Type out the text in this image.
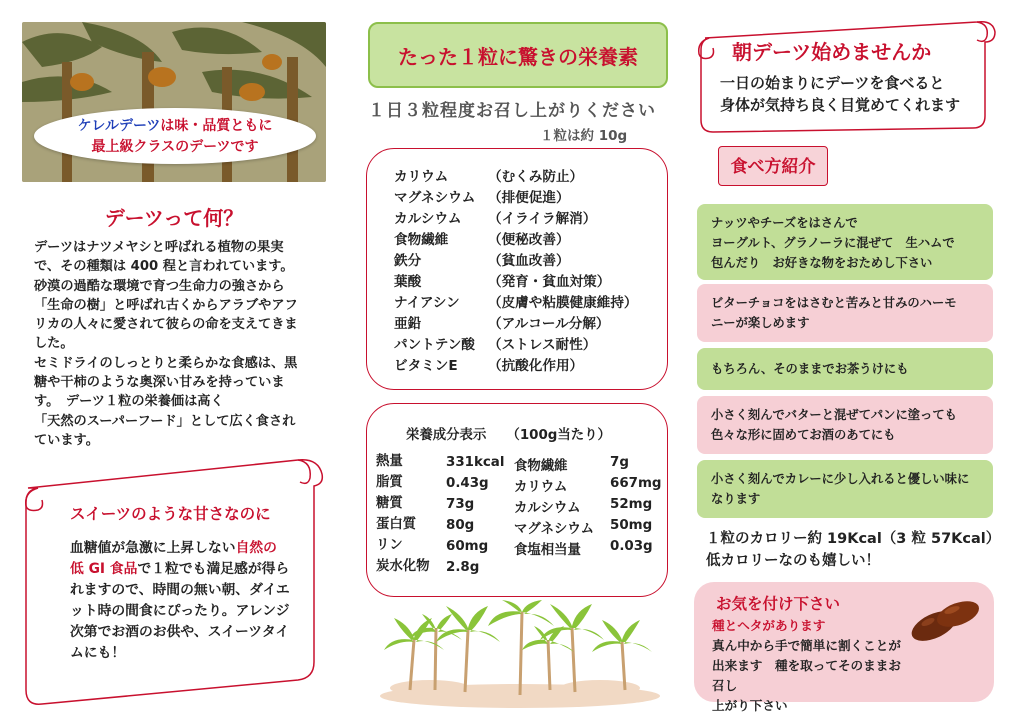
ケレルデーツは味・品質ともに
最上級クラスのデーツです
デーツって何？
デーツはナツメヤシと呼ばれる植物の果実
で、その種類は 400 程と言われています。
砂漠の過酷な環境で育つ生命力の強さから
「生命の樹」と呼ばれ古くからアラブやアフ
リカの人々に愛されて彼らの命を支えてきま
した。
セミドライのしっとりと柔らかな食感は、黒
糖や干柿のような奥深い甘みを持っていま
す。　デーツ１粒の栄養価は高く
「天然のスーパーフード」として広く食され
ています。
スイーツのような甘さなのに
血糖値が急激に上昇しない自然の
低 GI 食品で１粒でも満足感が得ら
れますので、時間の無い朝、ダイエ
ット時の間食にぴったり。アレンジ
次第でお酒のお供や、スイーツタイ
ムにも！
たった１粒に驚きの栄養素
１日３粒程度お召し上がりください
１粒は約 10g
カリウム
マグネシウム
カルシウム
食物繊維
鉄分
葉酸
ナイアシン
亜鉛
パントテン酸
ビタミンE
（むくみ防止）
（排便促進）
（イライラ解消）
（便秘改善）
（貧血改善）
（発育・貧血対策）
（皮膚や粘膜健康維持）
（アルコール分解）
（ストレス耐性）
（抗酸化作用）
栄養成分表示　　（100g当たり）
熱量
脂質
糖質
蛋白質
リン
炭水化物
331kcal
0.43g
73g
80g
60mg
2.8g
食物繊維
カリウム
カルシウム
マグネシウム
食塩相当量
7g
667mg
52mg
50mg
0.03g
朝デーツ始めませんか
一日の始まりにデーツを食べると
身体が気持ち良く目覚めてくれます
食べ方紹介
ナッツやチーズをはさんで
ヨーグルト、グラノーラに混ぜて　生ハムで
包んだり　お好きな物をおためし下さい
ビターチョコをはさむと苦みと甘みのハーモ
ニーが楽しめます
もちろん、そのままでお茶うけにも
小さく刻んでバターと混ぜてパンに塗っても
色々な形に固めてお酒のあてにも
小さく刻んでカレーに少し入れると優しい味に
なります
１粒のカロリー約 19Kcal（3 粒 57Kcal）
低カロリーなのも嬉しい！
お気を付け下さい
種とヘタがあります
真ん中から手で簡単に割くことが
出来ます　種を取ってそのままお召し
上がり下さい
